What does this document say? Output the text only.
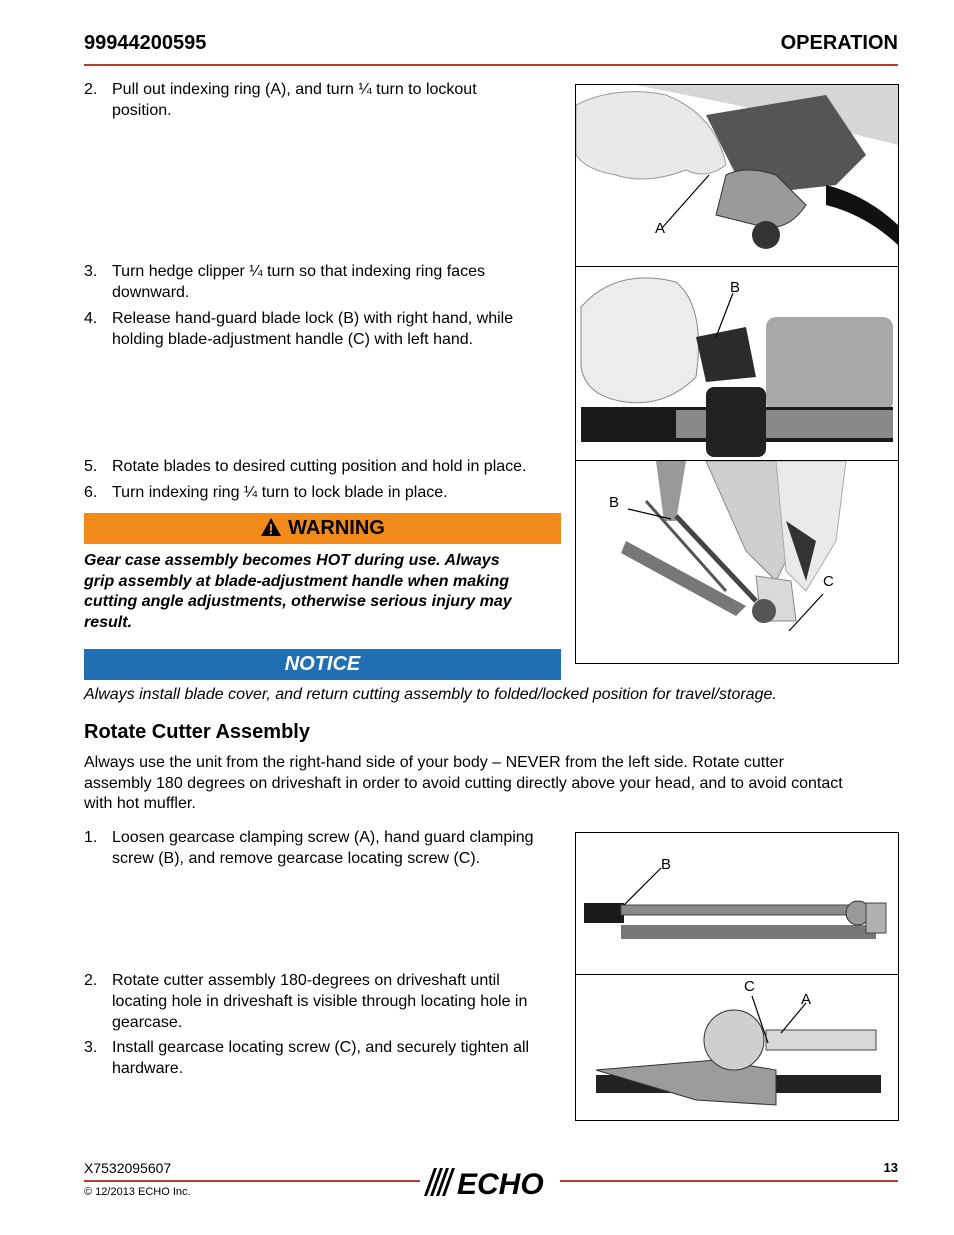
99944200595	OPERATION
2. Pull out indexing ring (A), and turn ¼ turn to lockout
position.
3. Turn hedge clipper ¼ turn so that indexing ring faces
downward.
4. Release hand-guard blade lock (B) with right hand, while
holding blade-adjustment handle (C) with left hand.
5. Rotate blades to desired cutting position and hold in place.
6. Turn indexing ring ¼ turn to lock blade in place.
WARNING
Gear case assembly becomes HOT during use. Always
grip assembly at blade-adjustment handle when making
cutting angle adjustments, otherwise serious injury may
result.
NOTICE
Always install blade cover, and return cutting assembly to folded/locked position for travel/storage.
Rotate Cutter Assembly
Always use the unit from the right-hand side of your body – NEVER from the left side. Rotate cutter
assembly 180 degrees on driveshaft in order to avoid cutting directly above your head, and to avoid contact
with hot muffler.
1. Loosen gearcase clamping screw (A), hand guard clamping
screw (B), and remove gearcase locating screw (C).
2. Rotate cutter assembly 180-degrees on driveshaft until
locating hole in driveshaft is visible through locating hole in
gearcase.
3. Install gearcase locating screw (C), and securely tighten all
hardware.
A
B
B
C
B
C
A
X7532095607	13
© 12/2013 ECHO Inc.	ECHO
